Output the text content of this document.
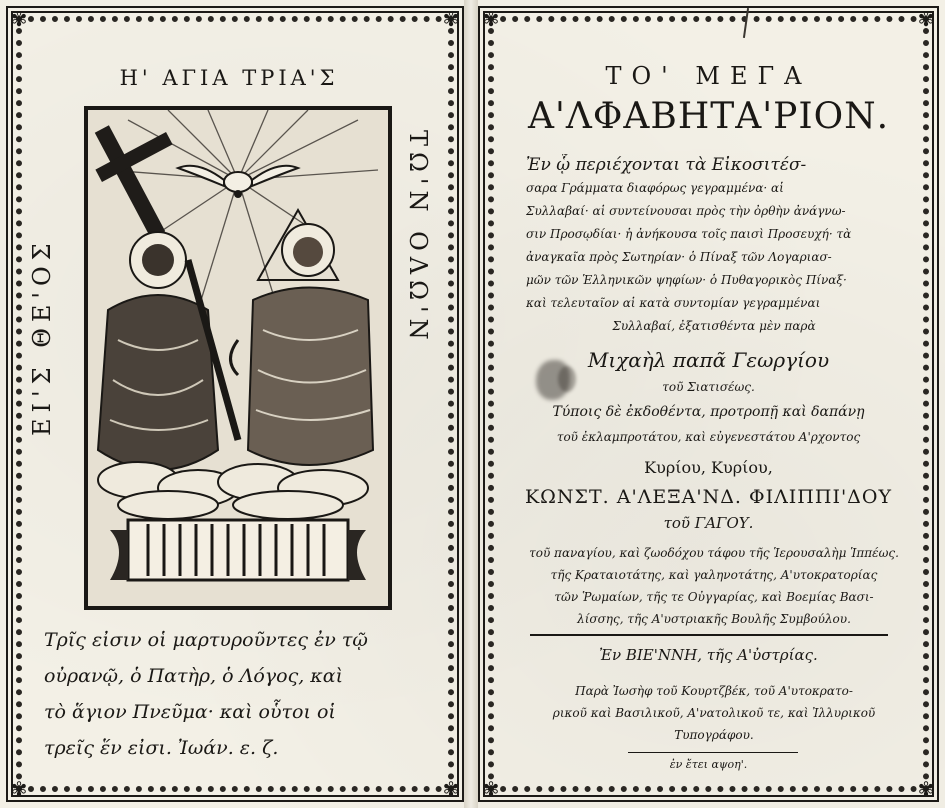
✾	✾
✾	✾
Η' ΑΓΙΑ ΤΡΙΑ'Σ
ΕΙ'Σ ΘΕ'ΟΣ	ΤΩ'Ν ΟΛΩ'Ν
Τρῖς εἰσιν οἱ μαρτυροῦντες ἐν τῷ
οὐρανῷ, ὁ Πατὴρ, ὁ Λόγος, καὶ
τὸ ἅγιον Πνεῦμα· καὶ οὗτοι οἱ
τρεῖς ἕν εἰσι. Ἰωάν. ε. ζ.
✾	✾
✾	✾
ΤΟ' ΜΕΓΑ
Α'ΛΦΑΒΗΤΑ'ΡΙΟΝ.
Ἐν ᾧ περιέχονται τὰ Εἰκοσιτέσ-
σαρα Γράμματα διαφόρως γεγραμμένα· αἱ
Συλλαβαί· αἱ συντείνουσαι πρὸς τὴν ὀρθὴν ἀνάγνω-
σιν Προσῳδίαι· ἡ ἀνήκουσα τοῖς παισὶ Προσευχή· τὰ
ἀναγκαῖα πρὸς Σωτηρίαν· ὁ Πίναξ τῶν Λογαριασ-
μῶν τῶν Ἑλληνικῶν ψηφίων· ὁ Πυθαγορικὸς Πίναξ·
καὶ τελευταῖον αἱ κατὰ συντομίαν γεγραμμέναι
Συλλαβαί, ἐξατισθέντα μὲν παρὰ
Μιχαὴλ παπᾶ Γεωργίου
τοῦ Σιατισέως.
Τύποις δὲ ἐκδοθέντα, προτροπῇ καὶ δαπάνῃ
τοῦ ἐκλαμπροτάτου, καὶ εὐγενεστάτου Α'ρχοντος
Κυρίου, Κυρίου,
ΚΩΝΣΤ. Α'ΛΕΞΑ'ΝΔ. ΦΙΛΙΠΠΙ'ΔΟΥ
τοῦ ΓΑΓΟΥ.
τοῦ παναγίου, καὶ ζωοδόχου τάφου τῆς Ἱερουσαλὴμ Ἱππέως.
τῆς Κραταιοτάτης, καὶ γαληνοτάτης, Α'υτοκρατορίας
τῶν Ῥωμαίων, τῆς τε Οὐγγαρίας, καὶ Βοεμίας Βασι-
λίσσης, τῆς Α'υστριακῆς Βουλῆς Συμβούλου.
Ἐν ΒΙΕ'ΝΝΗ, τῆς Α'ὐστρίας.
Παρὰ Ἰωσὴφ τοῦ Κουρτζβέκ, τοῦ Α'υτοκρατο-
ρικοῦ καὶ Βασιλικοῦ, Α'νατολικοῦ τε, καὶ Ἰλλυρικοῦ
Τυπογράφου.
ἐν ἔτει αψοη'.
